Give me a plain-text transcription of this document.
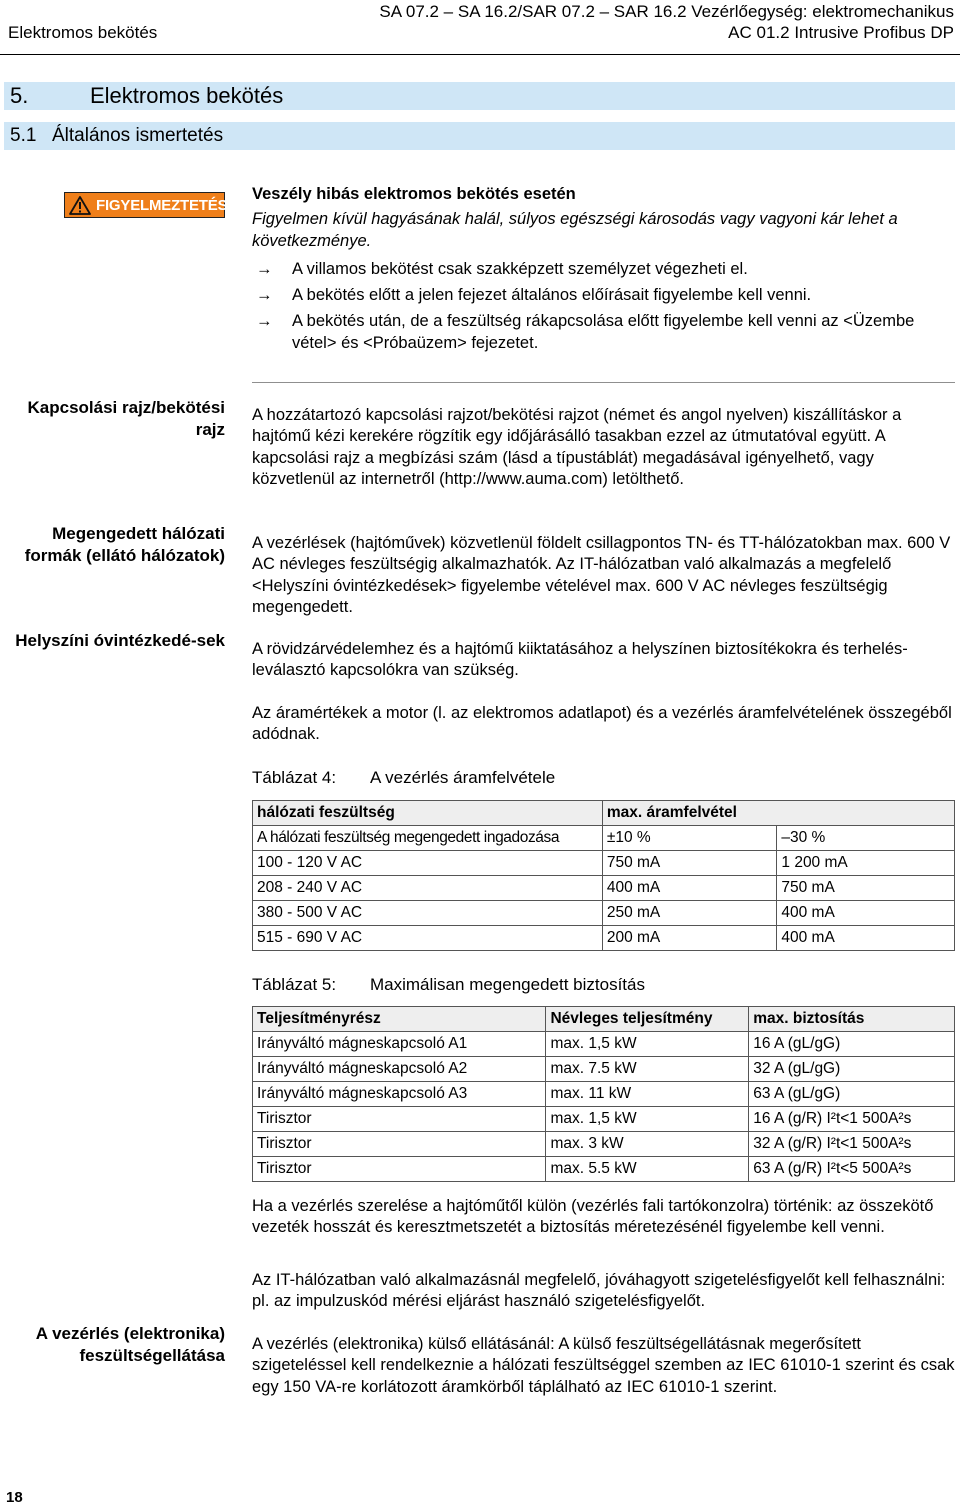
Elektromos bekötés
SA 07.2 – SA 16.2/SAR 07.2 – SAR 16.2 Vezérlőegység: elektromechanikus
AC 01.2 Intrusive Profibus DP
5.	Elektromos bekötés
5.1 Általános ismertetés
FIGYELMEZTETÉS!

Veszély hibás elektromos bekötés esetén

Figyelmen kívül hagyásának halál, súlyos egészségi károsodás vagy vagyoni kár lehet a következménye.

→	A villamos bekötést csak szakképzett személyzet végezheti el.
→	A bekötés előtt a jelen fejezet általános előírásait figyelembe kell venni.
→	A bekötés után, de a feszültség rákapcsolása előtt figyelembe kell venni az <Üzembe vétel> és <Próbaüzem> fejezetet.
Kapcsolási rajz/bekötési rajz
Megengedett hálózati formák (ellátó hálózatok)
Helyszíni óvintézkedé-sek
A vezérlés (elektronika) feszültségellátása

A hozzátartozó kapcsolási rajzot/bekötési rajzot (német és angol nyelven) kiszállításkor a hajtómű kézi kerekére rögzítik egy időjárásálló tasakban ezzel az útmutatóval együtt. A kapcsolási rajz a megbízási szám (lásd a típustáblát) megadásával igényelhető, vagy közvetlenül az internetről (http://www.auma.com) letölthető.

A vezérlések (hajtóművek) közvetlenül földelt csillagpontos TN- és TT-hálózatokban max. 600 V AC névleges feszültségig alkalmazhatók. Az IT-hálózatban való alkalmazás a megfelelő <Helyszíni óvintézkedések> figyelembe vételével max. 600 V AC névleges feszültségig megengedett.

A rövidzárvédelemhez és a hajtómű kiiktatásához a helyszínen biztosítékokra és terhelés-leválasztó kapcsolókra van szükség.

Az áramértékek a motor (l. az elektromos adatlapot) és a vezérlés áramfelvételének összegéből adódnak.

Táblázat 4: A vezérlés áramfelvétele
hálózati feszültség	max. áramfelvétel	
A hálózati feszültség megengedett ingadozása	±10 %	–30 %
100 - 120 V AC	750 mA	1 200 mA
208 - 240 V AC	400 mA	750 mA
380 - 500 V AC	250 mA	400 mA
515 - 690 V AC	200 mA	400 mA
Táblázat 5: Maximálisan megengedett biztosítás
Teljesítményrész	Névleges teljesítmény	max. biztosítás
Irányváltó mágneskapcsoló A1	max. 1,5 kW	16 A (gL/gG)
Irányváltó mágneskapcsoló A2	max. 7.5 kW	32 A (gL/gG)
Irányváltó mágneskapcsoló A3	max. 11 kW	63 A (gL/gG)
Tirisztor	max. 1,5 kW	16 A (g/R) I²t<1 500A²s
Tirisztor	max. 3 kW	32 A (g/R) I²t<1 500A²s
Tirisztor	max. 5.5 kW	63 A (g/R) I²t<5 500A²s

Ha a vezérlés szerelése a hajtóműtől külön (vezérlés fali tartókonzolra) történik: az összekötő vezeték hosszát és keresztmetszetét a biztosítás méretezésénél figyelembe kell venni.

Az IT-hálózatban való alkalmazásnál megfelelő, jóváhagyott szigetelésfigyelőt kell felhasználni: pl. az impulzuskód mérési eljárást használó szigetelésfigyelőt.

A vezérlés (elektronika) külső ellátásánál: A külső feszültségellátásnak megerősített szigeteléssel kell rendelkeznie a hálózati feszültséggel szemben az IEC 61010-1 szerint és csak egy 150 VA-re korlátozott áramkörből táplálható az IEC 61010-1 szerint.

18
